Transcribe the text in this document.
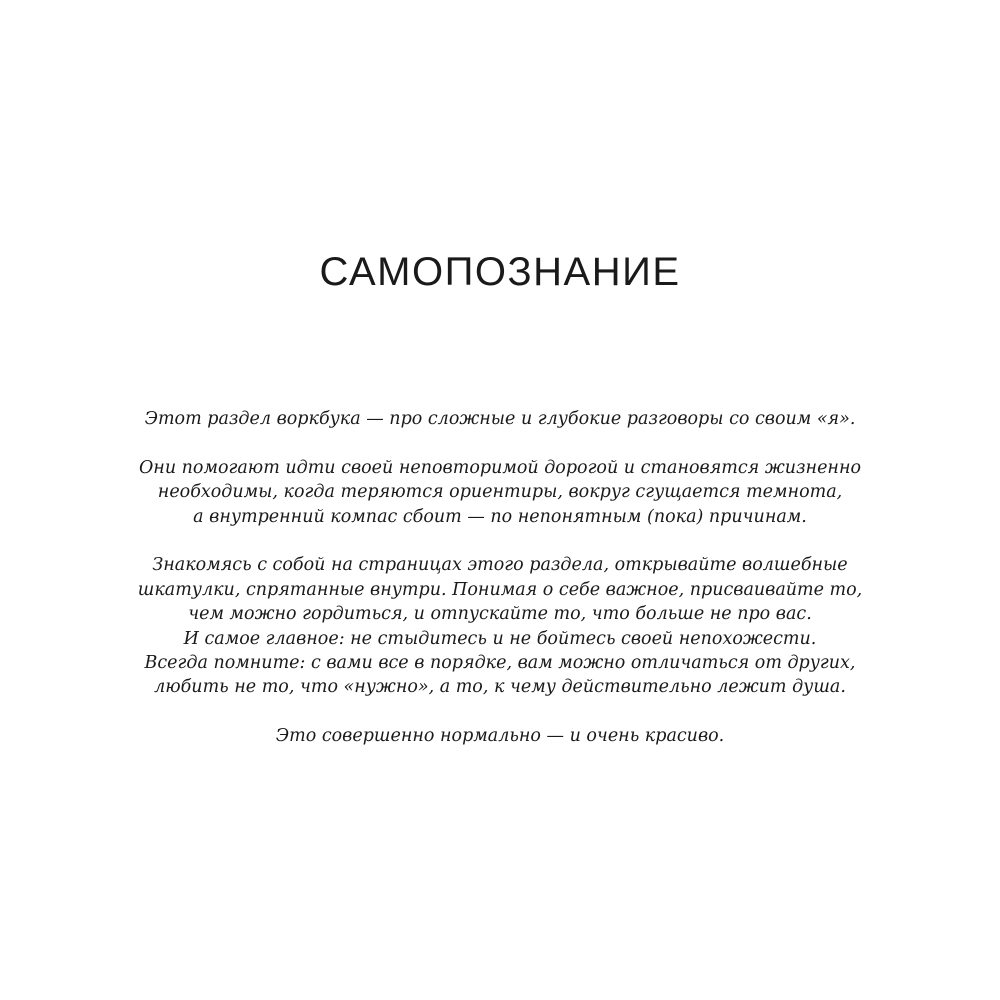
САМОПОЗНАНИЕ

Этот раздел воркбука — про сложные и глубокие разговоры со своим «я».

Они помогают идти своей неповторимой дорогой и становятся жизненно
необходимы, когда теряются ориентиры, вокруг сгущается темнота,
а внутренний компас сбоит — по непонятным (пока) причинам.

Знакомясь с собой на страницах этого раздела, открывайте волшебные
шкатулки, спрятанные внутри. Понимая о себе важное, присваивайте то,
чем можно гордиться, и отпускайте то, что больше не про вас.
И самое главное: не стыдитесь и не бойтесь своей непохожести.
Всегда помните: с вами все в порядке, вам можно отличаться от других,
любить не то, что «нужно», а то, к чему действительно лежит душа.

Это совершенно нормально — и очень красиво.
